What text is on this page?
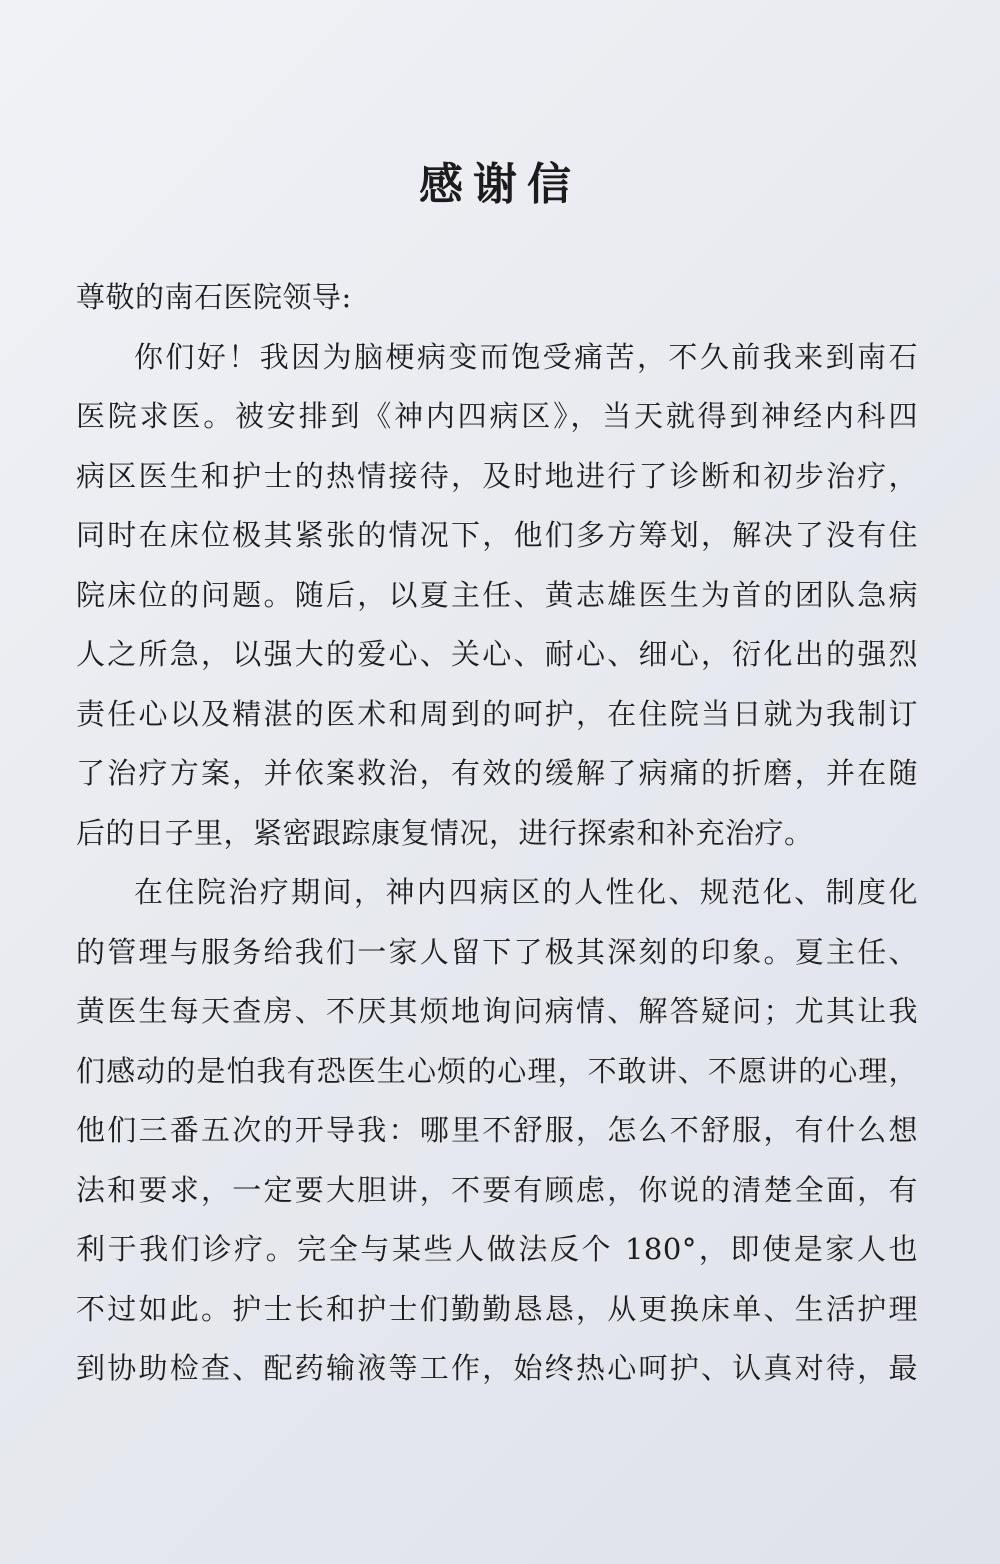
感谢信
尊敬的南石医院领导:
你们好！我因为脑梗病变而饱受痛苦，不久前我来到南石
医院求医。被安排到《神内四病区》，当天就得到神经内科四
病区医生和护士的热情接待，及时地进行了诊断和初步治疗，
同时在床位极其紧张的情况下，他们多方筹划，解决了没有住
院床位的问题。随后，以夏主任、黄志雄医生为首的团队急病
人之所急，以强大的爱心、关心、耐心、细心，衍化出的强烈
责任心以及精湛的医术和周到的呵护，在住院当日就为我制订
了治疗方案，并依案救治，有效的缓解了病痛的折磨，并在随
后的日子里，紧密跟踪康复情况，进行探索和补充治疗。
在住院治疗期间，神内四病区的人性化、规范化、制度化
的管理与服务给我们一家人留下了极其深刻的印象。夏主任、
黄医生每天查房、不厌其烦地询问病情、解答疑问；尤其让我
们感动的是怕我有恐医生心烦的心理，不敢讲、不愿讲的心理，
他们三番五次的开导我：哪里不舒服，怎么不舒服，有什么想
法和要求，一定要大胆讲，不要有顾虑，你说的清楚全面，有
利于我们诊疗。完全与某些人做法反个 180°，即使是家人也
不过如此。护士长和护士们勤勤恳恳，从更换床单、生活护理
到协助检查、配药输液等工作，始终热心呵护、认真对待，最
